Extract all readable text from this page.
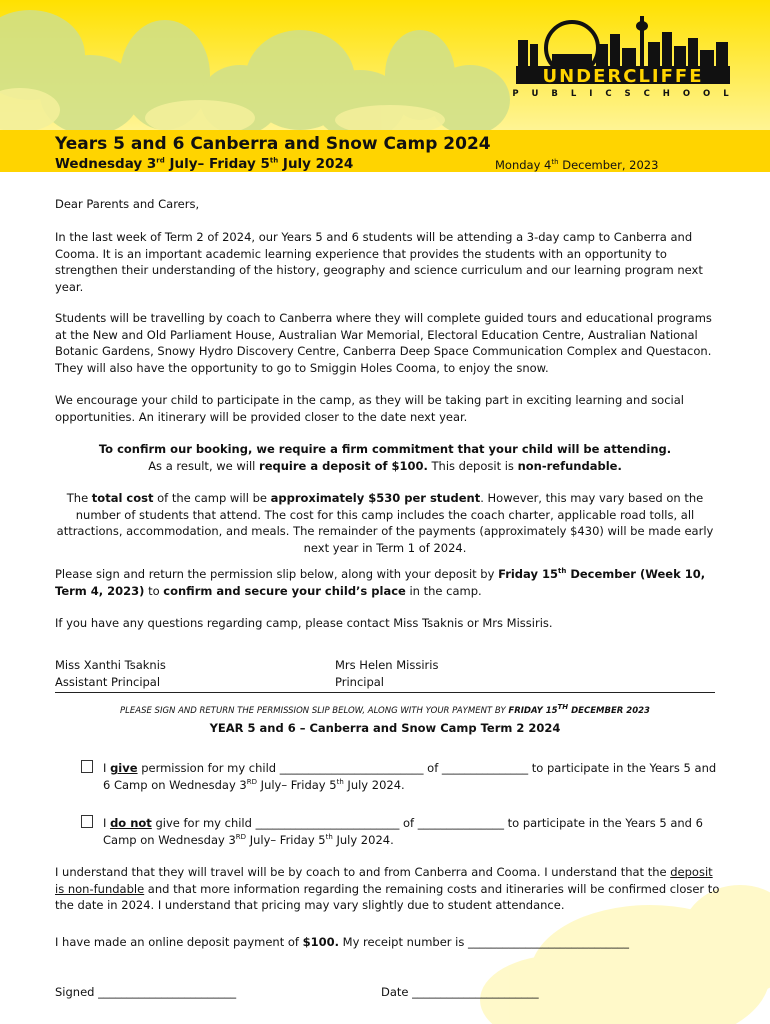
UNDERCLIFFE
P U B L I C S C H O O L
Years 5 and 6 Canberra and Snow Camp 2024
Wednesday 3rd July– Friday 5th July 2024	Monday 4th December, 2023
Dear Parents and Carers,
In the last week of Term 2 of 2024, our Years 5 and 6 students will be attending a 3-day camp to Canberra and Cooma. It is an important academic learning experience that provides the students with an opportunity to strengthen their understanding of the history, geography and science curriculum and our learning program next year.
Students will be travelling by coach to Canberra where they will complete guided tours and educational programs at the New and Old Parliament House, Australian War Memorial, Electoral Education Centre, Australian National Botanic Gardens, Snowy Hydro Discovery Centre, Canberra Deep Space Communication Complex and Questacon. They will also have the opportunity to go to Smiggin Holes Cooma, to enjoy the snow.
We encourage your child to participate in the camp, as they will be taking part in exciting learning and social opportunities. An itinerary will be provided closer to the date next year.
To confirm our booking, we require a firm commitment that your child will be attending.
As a result, we will require a deposit of $100. This deposit is non-refundable.
The total cost of the camp will be approximately $530 per student. However, this may vary based on the number of students that attend. The cost for this camp includes the coach charter, applicable road tolls, all attractions, accommodation, and meals. The remainder of the payments (approximately $430) will be made early next year in Term 1 of 2024.
Please sign and return the permission slip below, along with your deposit by Friday 15th December (Week 10, Term 4, 2023) to confirm and secure your child’s place in the camp.
If you have any questions regarding camp, please contact Miss Tsaknis or Mrs Missiris.
Miss Xanthi Tsaknis
Assistant Principal
Mrs Helen Missiris
Principal
PLEASE SIGN AND RETURN THE PERMISSION SLIP BELOW, ALONG WITH YOUR PAYMENT BY FRIDAY 15TH DECEMBER 2023
YEAR 5 and 6 – Canberra and Snow Camp Term 2 2024
I give permission for my child _________________________ of _______________ to participate in the Years 5 and 6 Camp on Wednesday 3RD July– Friday 5th July 2024.
I do not give for my child _________________________ of _______________ to participate in the Years 5 and 6 Camp on Wednesday 3RD July– Friday 5th July 2024.
I understand that they will travel will be by coach to and from Canberra and Cooma. I understand that the deposit is non-fundable and that more information regarding the remaining costs and itineraries will be confirmed closer to the date in 2024. I understand that pricing may vary slightly due to student attendance.
I have made an online deposit payment of $100. My receipt number is ____________________________
Signed ________________________	Date ______________________
